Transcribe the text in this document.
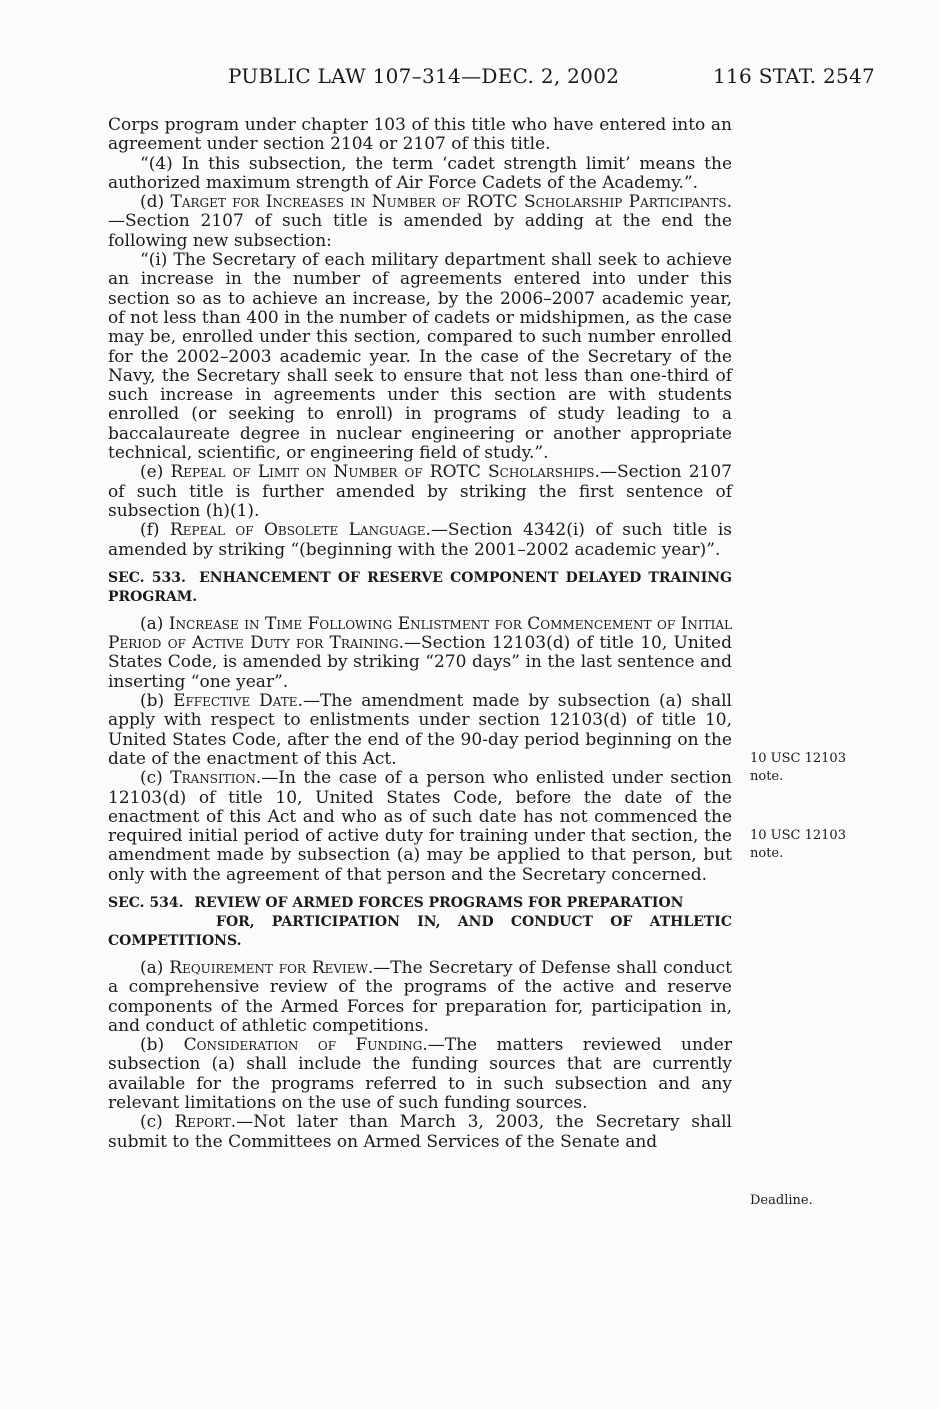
PUBLIC LAW 107–314—DEC. 2, 2002	116 STAT. 2547

Corps program under chapter 103 of this title who have entered into an agreement under section 2104 or 2107 of this title.

“(4) In this subsection, the term ‘cadet strength limit’ means the authorized maximum strength of Air Force Cadets of the Academy.”.

(d) Target for Increases in Number of ROTC Scholarship Participants.—Section 2107 of such title is amended by adding at the end the following new subsection:

“(i) The Secretary of each military department shall seek to achieve an increase in the number of agreements entered into under this section so as to achieve an increase, by the 2006–2007 academic year, of not less than 400 in the number of cadets or midshipmen, as the case may be, enrolled under this section, compared to such number enrolled for the 2002–2003 academic year. In the case of the Secretary of the Navy, the Secretary shall seek to ensure that not less than one-third of such increase in agreements under this section are with students enrolled (or seeking to enroll) in programs of study leading to a baccalaureate degree in nuclear engineering or another appropriate technical, scientific, or engineering field of study.”.

(e) Repeal of Limit on Number of ROTC Scholarships.—Section 2107 of such title is further amended by striking the first sentence of subsection (h)(1).

(f) Repeal of Obsolete Language.—Section 4342(i) of such title is amended by striking “(beginning with the 2001–2002 academic year)”.

SEC. 533. ENHANCEMENT OF RESERVE COMPONENT DELAYED TRAINING PROGRAM.

(a) Increase in Time Following Enlistment for Commencement of Initial Period of Active Duty for Training.—Section 12103(d) of title 10, United States Code, is amended by striking “270 days” in the last sentence and inserting “one year”.

(b) Effective Date.—The amendment made by subsection (a) shall apply with respect to enlistments under section 12103(d) of title 10, United States Code, after the end of the 90-day period beginning on the date of the enactment of this Act.

(c) Transition.—In the case of a person who enlisted under section 12103(d) of title 10, United States Code, before the date of the enactment of this Act and who as of such date has not commenced the required initial period of active duty for training under that section, the amendment made by subsection (a) may be applied to that person, but only with the agreement of that person and the Secretary concerned.

SEC. 534. REVIEW OF ARMED FORCES PROGRAMS FOR PREPARATION
FOR, PARTICIPATION IN, AND CONDUCT OF ATHLETIC COMPETITIONS.

(a) Requirement for Review.—The Secretary of Defense shall conduct a comprehensive review of the programs of the active and reserve components of the Armed Forces for preparation for, participation in, and conduct of athletic competitions.

(b) Consideration of Funding.—The matters reviewed under subsection (a) shall include the funding sources that are currently available for the programs referred to in such subsection and any relevant limitations on the use of such funding sources.

(c) Report.—Not later than March 3, 2003, the Secretary shall submit to the Committees on Armed Services of the Senate and

10 USC 12103
note.
10 USC 12103
note.
Deadline.
